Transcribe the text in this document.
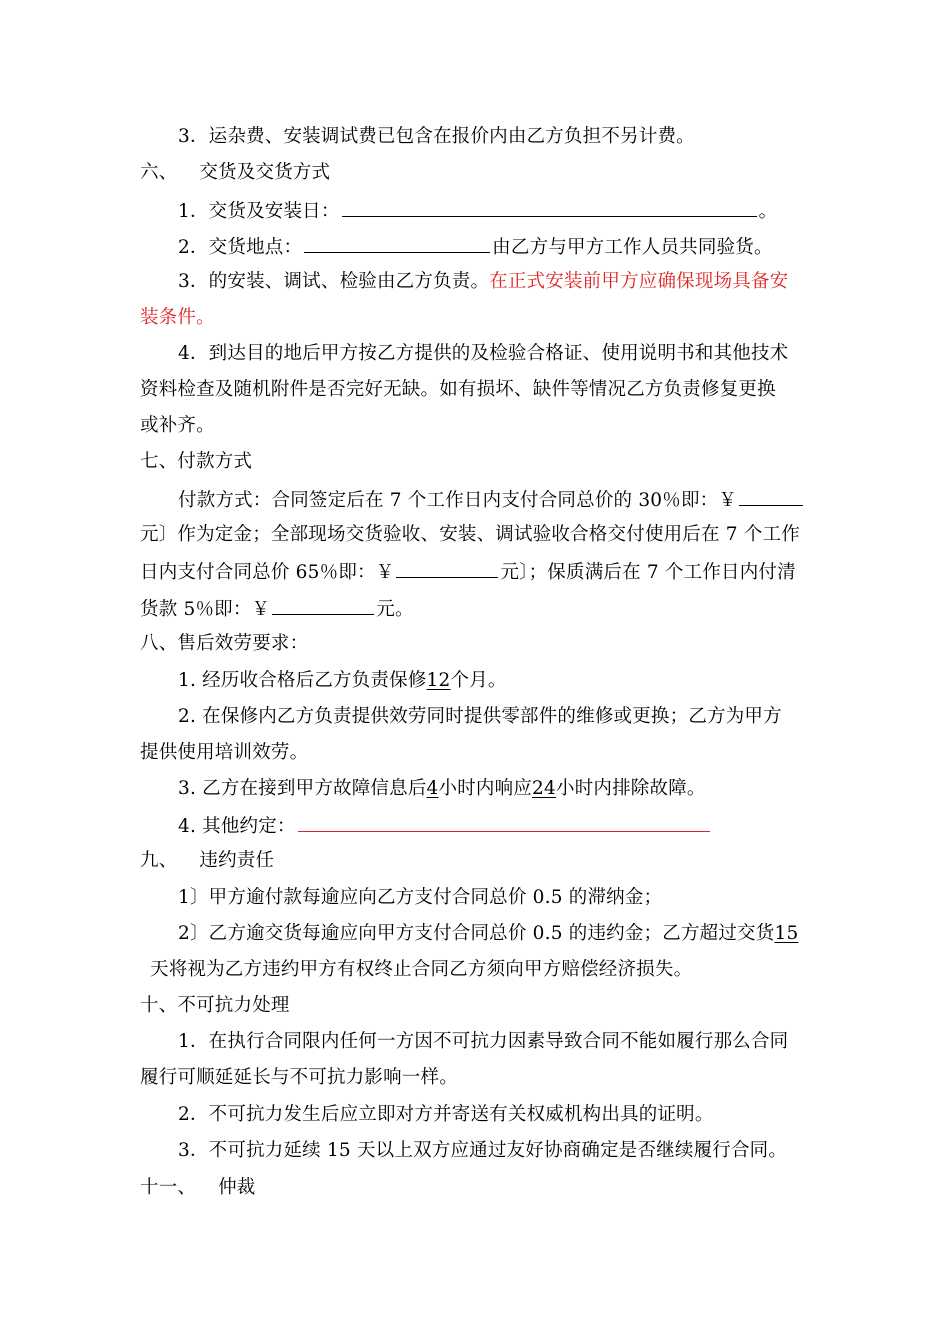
3．运杂费、安装调试费已包含在报价内由乙方负担不另计费。
六、 交货及交货方式
1．交货及安装日：	。
2．交货地点：	由乙方与甲方工作人员共同验货。
3．的安装、调试、检验由乙方负责。在正式安装前甲方应确保现场具备安
装条件。
4．到达目的地后甲方按乙方提供的及检验合格证、使用说明书和其他技术
资料检查及随机附件是否完好无缺。如有损坏、缺件等情况乙方负责修复更换
或补齐。
七、付款方式
付款方式：合同签定后在 7 个工作日内支付合同总价的 30％即：￥
元〕作为定金；全部现场交货验收、安装、调试验收合格交付使用后在 7 个工作
日内支付合同总价 65％即：￥	元〕；保质满后在 7 个工作日内付清
货款 5％即：￥	元。
八、售后效劳要求：
1. 经历收合格后乙方负责保修12个月。
2. 在保修内乙方负责提供效劳同时提供零部件的维修或更换；乙方为甲方
提供使用培训效劳。
3. 乙方在接到甲方故障信息后4小时内响应24小时内排除故障。
4. 其他约定：
九、 违约责任
1〕甲方逾付款每逾应向乙方支付合同总价 0.5 的滞纳金；
2〕乙方逾交货每逾应向甲方支付合同总价 0.5 的违约金；乙方超过交货15
天将视为乙方违约甲方有权终止合同乙方须向甲方赔偿经济损失。
十、不可抗力处理
1．在执行合同限内任何一方因不可抗力因素导致合同不能如履行那么合同
履行可顺延延长与不可抗力影响一样。
2．不可抗力发生后应立即对方并寄送有关权威机构出具的证明。
3．不可抗力延续 15 天以上双方应通过友好协商确定是否继续履行合同。
十一、 仲裁
